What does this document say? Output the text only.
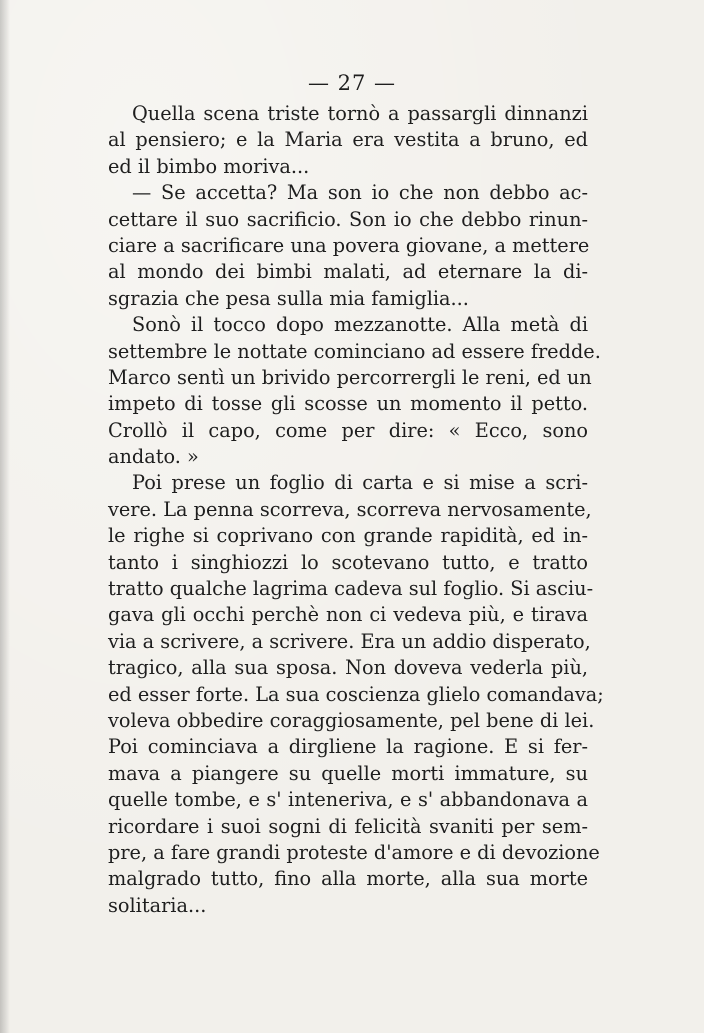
— 27 —
Quella scena triste tornò a passargli dinnanzi
al pensiero; e la Maria era vestita a bruno, ed
ed il bimbo moriva...
— Se accetta? Ma son io che non debbo ac-
cettare il suo sacrificio. Son io che debbo rinun-
ciare a sacrificare una povera giovane, a mettere
al mondo dei bimbi malati, ad eternare la di-
sgrazia che pesa sulla mia famiglia...
Sonò il tocco dopo mezzanotte. Alla metà di
settembre le nottate cominciano ad essere fredde.
Marco sentì un brivido percorrergli le reni, ed un
impeto di tosse gli scosse un momento il petto.
Crollò il capo, come per dire: « Ecco, sono
andato. »
Poi prese un foglio di carta e si mise a scri-
vere. La penna scorreva, scorreva nervosamente,
le righe si coprivano con grande rapidità, ed in-
tanto i singhiozzi lo scotevano tutto, e tratto
tratto qualche lagrima cadeva sul foglio. Si asciu-
gava gli occhi perchè non ci vedeva più, e tirava
via a scrivere, a scrivere. Era un addio disperato,
tragico, alla sua sposa. Non doveva vederla più,
ed esser forte. La sua coscienza glielo comandava;
voleva obbedire coraggiosamente, pel bene di lei.
Poi cominciava a dirgliene la ragione. E si fer-
mava a piangere su quelle morti immature, su
quelle tombe, e s' inteneriva, e s' abbandonava a
ricordare i suoi sogni di felicità svaniti per sem-
pre, a fare grandi proteste d'amore e di devozione
malgrado tutto, fino alla morte, alla sua morte
solitaria...
